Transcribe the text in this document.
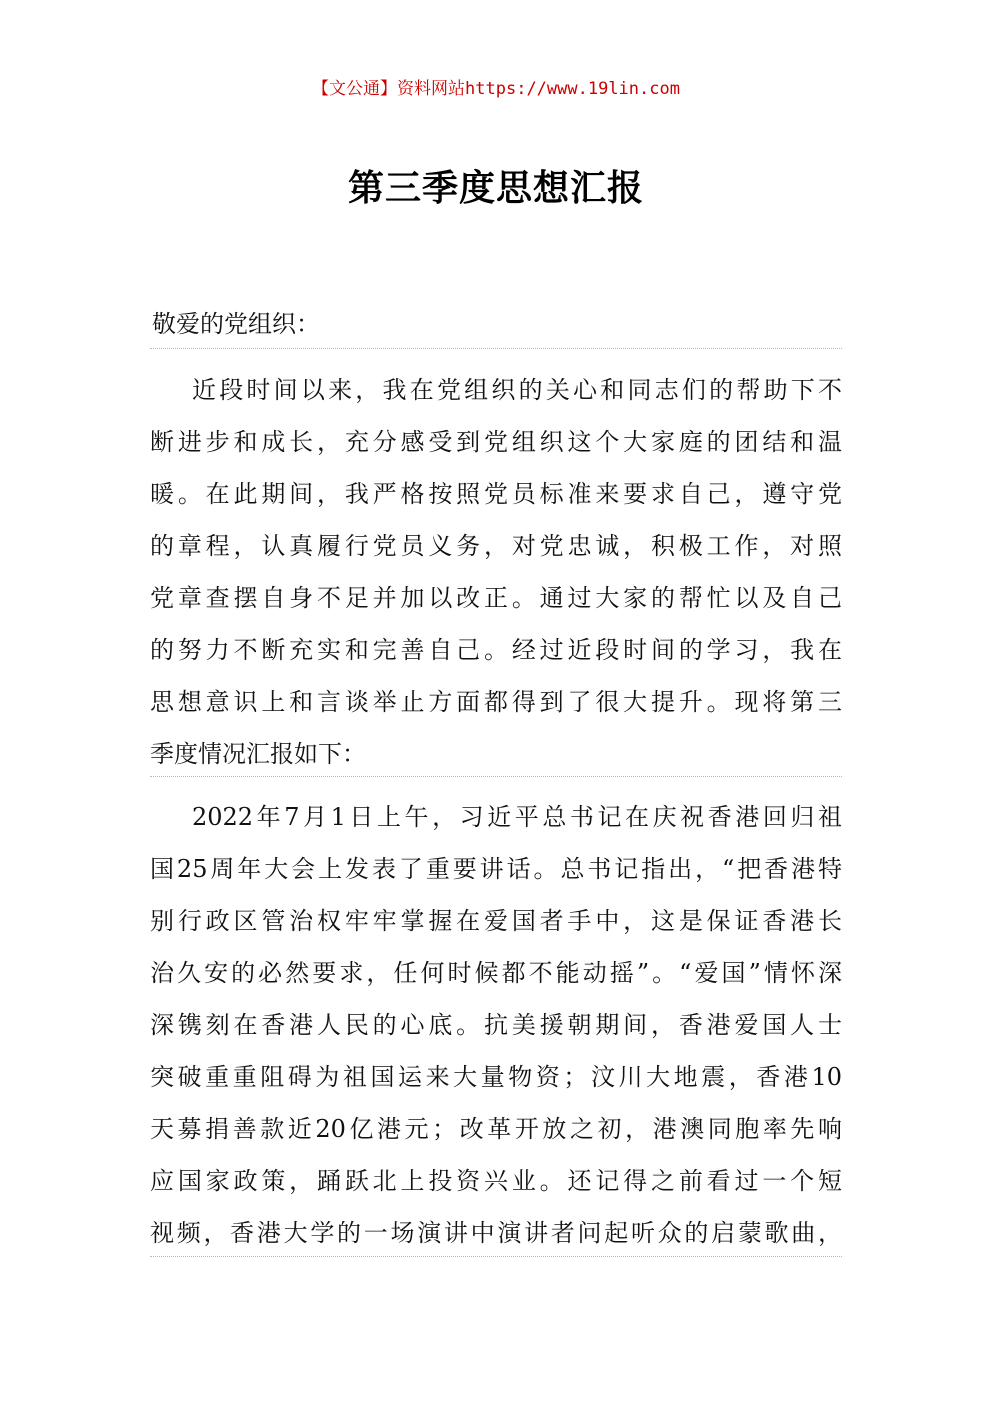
【文公通】资料网站https://www.19lin.com
第三季度思想汇报
敬爱的党组织：
近段时间以来，我在党组织的关心和同志们的帮助下不
断进步和成长，充分感受到党组织这个大家庭的团结和温
暖。在此期间，我严格按照党员标准来要求自己，遵守党
的章程，认真履行党员义务，对党忠诚，积极工作，对照
党章查摆自身不足并加以改正。通过大家的帮忙以及自己
的努力不断充实和完善自己。经过近段时间的学习，我在
思想意识上和言谈举止方面都得到了很大提升。现将第三
季度情况汇报如下：
2022年7月1日上午，习近平总书记在庆祝香港回归祖
国25周年大会上发表了重要讲话。总书记指出，“把香港特
别行政区管治权牢牢掌握在爱国者手中，这是保证香港长
治久安的必然要求，任何时候都不能动摇”。“爱国”情怀深
深镌刻在香港人民的心底。抗美援朝期间，香港爱国人士
突破重重阻碍为祖国运来大量物资；汶川大地震，香港10
天募捐善款近20亿港元；改革开放之初，港澳同胞率先响
应国家政策，踊跃北上投资兴业。还记得之前看过一个短
视频，香港大学的一场演讲中演讲者问起听众的启蒙歌曲，
